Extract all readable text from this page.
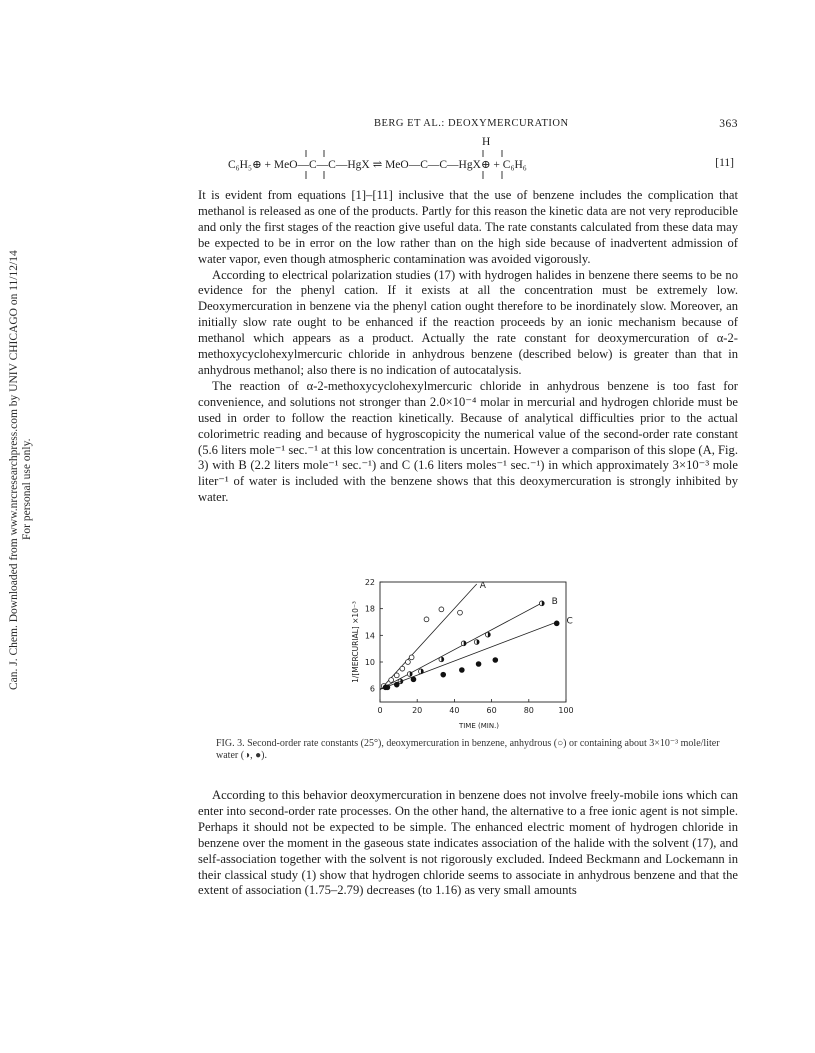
Can. J. Chem. Downloaded from www.nrcresearchpress.com by UNIV CHICAGO on 11/12/14 For personal use only.
BERG ET AL.: DEOXYMERCURATION	363
H
C₆H₅⊕ + MeO—C—C—HgX ⇌ MeO—C—C—HgX⊕ + C₆H₆	[11]

It is evident from equations [1]–[11] inclusive that the use of benzene includes the complication that methanol is released as one of the products. Partly for this reason the kinetic data are not very reproducible and only the first stages of the reaction give useful data. The rate constants calculated from these data may be expected to be in error on the low rather than on the high side because of inadvertent admission of water vapor, even though atmospheric contamination was avoided vigorously.

According to electrical polarization studies (17) with hydrogen halides in benzene there seems to be no evidence for the phenyl cation. If it exists at all the concentration must be extremely low. Deoxymercuration in benzene via the phenyl cation ought therefore to be inordinately slow. Moreover, an initially slow rate ought to be enhanced if the reaction proceeds by an ionic mechanism because of methanol which appears as a product. Actually the rate constant for deoxymercuration of α-2-methoxycyclohexylmercuric chloride in anhydrous benzene (described below) is greater than that in anhydrous methanol; also there is no indication of autocatalysis.

The reaction of α-2-methoxycyclohexylmercuric chloride in anhydrous benzene is too fast for convenience, and solutions not stronger than 2.0×10⁻⁴ molar in mercurial and hydrogen chloride must be used in order to follow the reaction kinetically. Because of analytical difficulties prior to the actual colorimetric reading and because of hygroscopicity the numerical value of the second-order rate constant (5.6 liters mole⁻¹ sec.⁻¹ at this low concentration is uncertain. However a comparison of this slope (A, Fig. 3) with B (2.2 liters mole⁻¹ sec.⁻¹) and C (1.6 liters moles⁻¹ sec.⁻¹) in which approximately 3×10⁻³ mole liter⁻¹ of water is included with the benzene shows that this deoxymercuration is strongly inhibited by water.

0	20	40	60	80	100
6
10
14
18
22
TIME (MIN.)
1/[MERCURIAL] ×10⁻³
A
B
C
FIG. 3. Second-order rate constants (25°), deoxymercuration in benzene, anhydrous (○) or containing about 3×10⁻³ mole/liter water (◑, ●).

According to this behavior deoxymercuration in benzene does not involve freely-mobile ions which can enter into second-order rate processes. On the other hand, the alternative to a free ionic agent is not simple. Perhaps it should not be expected to be simple. The enhanced electric moment of hydrogen chloride in benzene over the moment in the gaseous state indicates association of the halide with the solvent (17), and self-association together with the solvent is not rigorously excluded. Indeed Beckmann and Lockemann in their classical study (1) show that hydrogen chloride seems to associate in anhydrous benzene and that the extent of association (1.75–2.79) decreases (to 1.16) as very small amounts
